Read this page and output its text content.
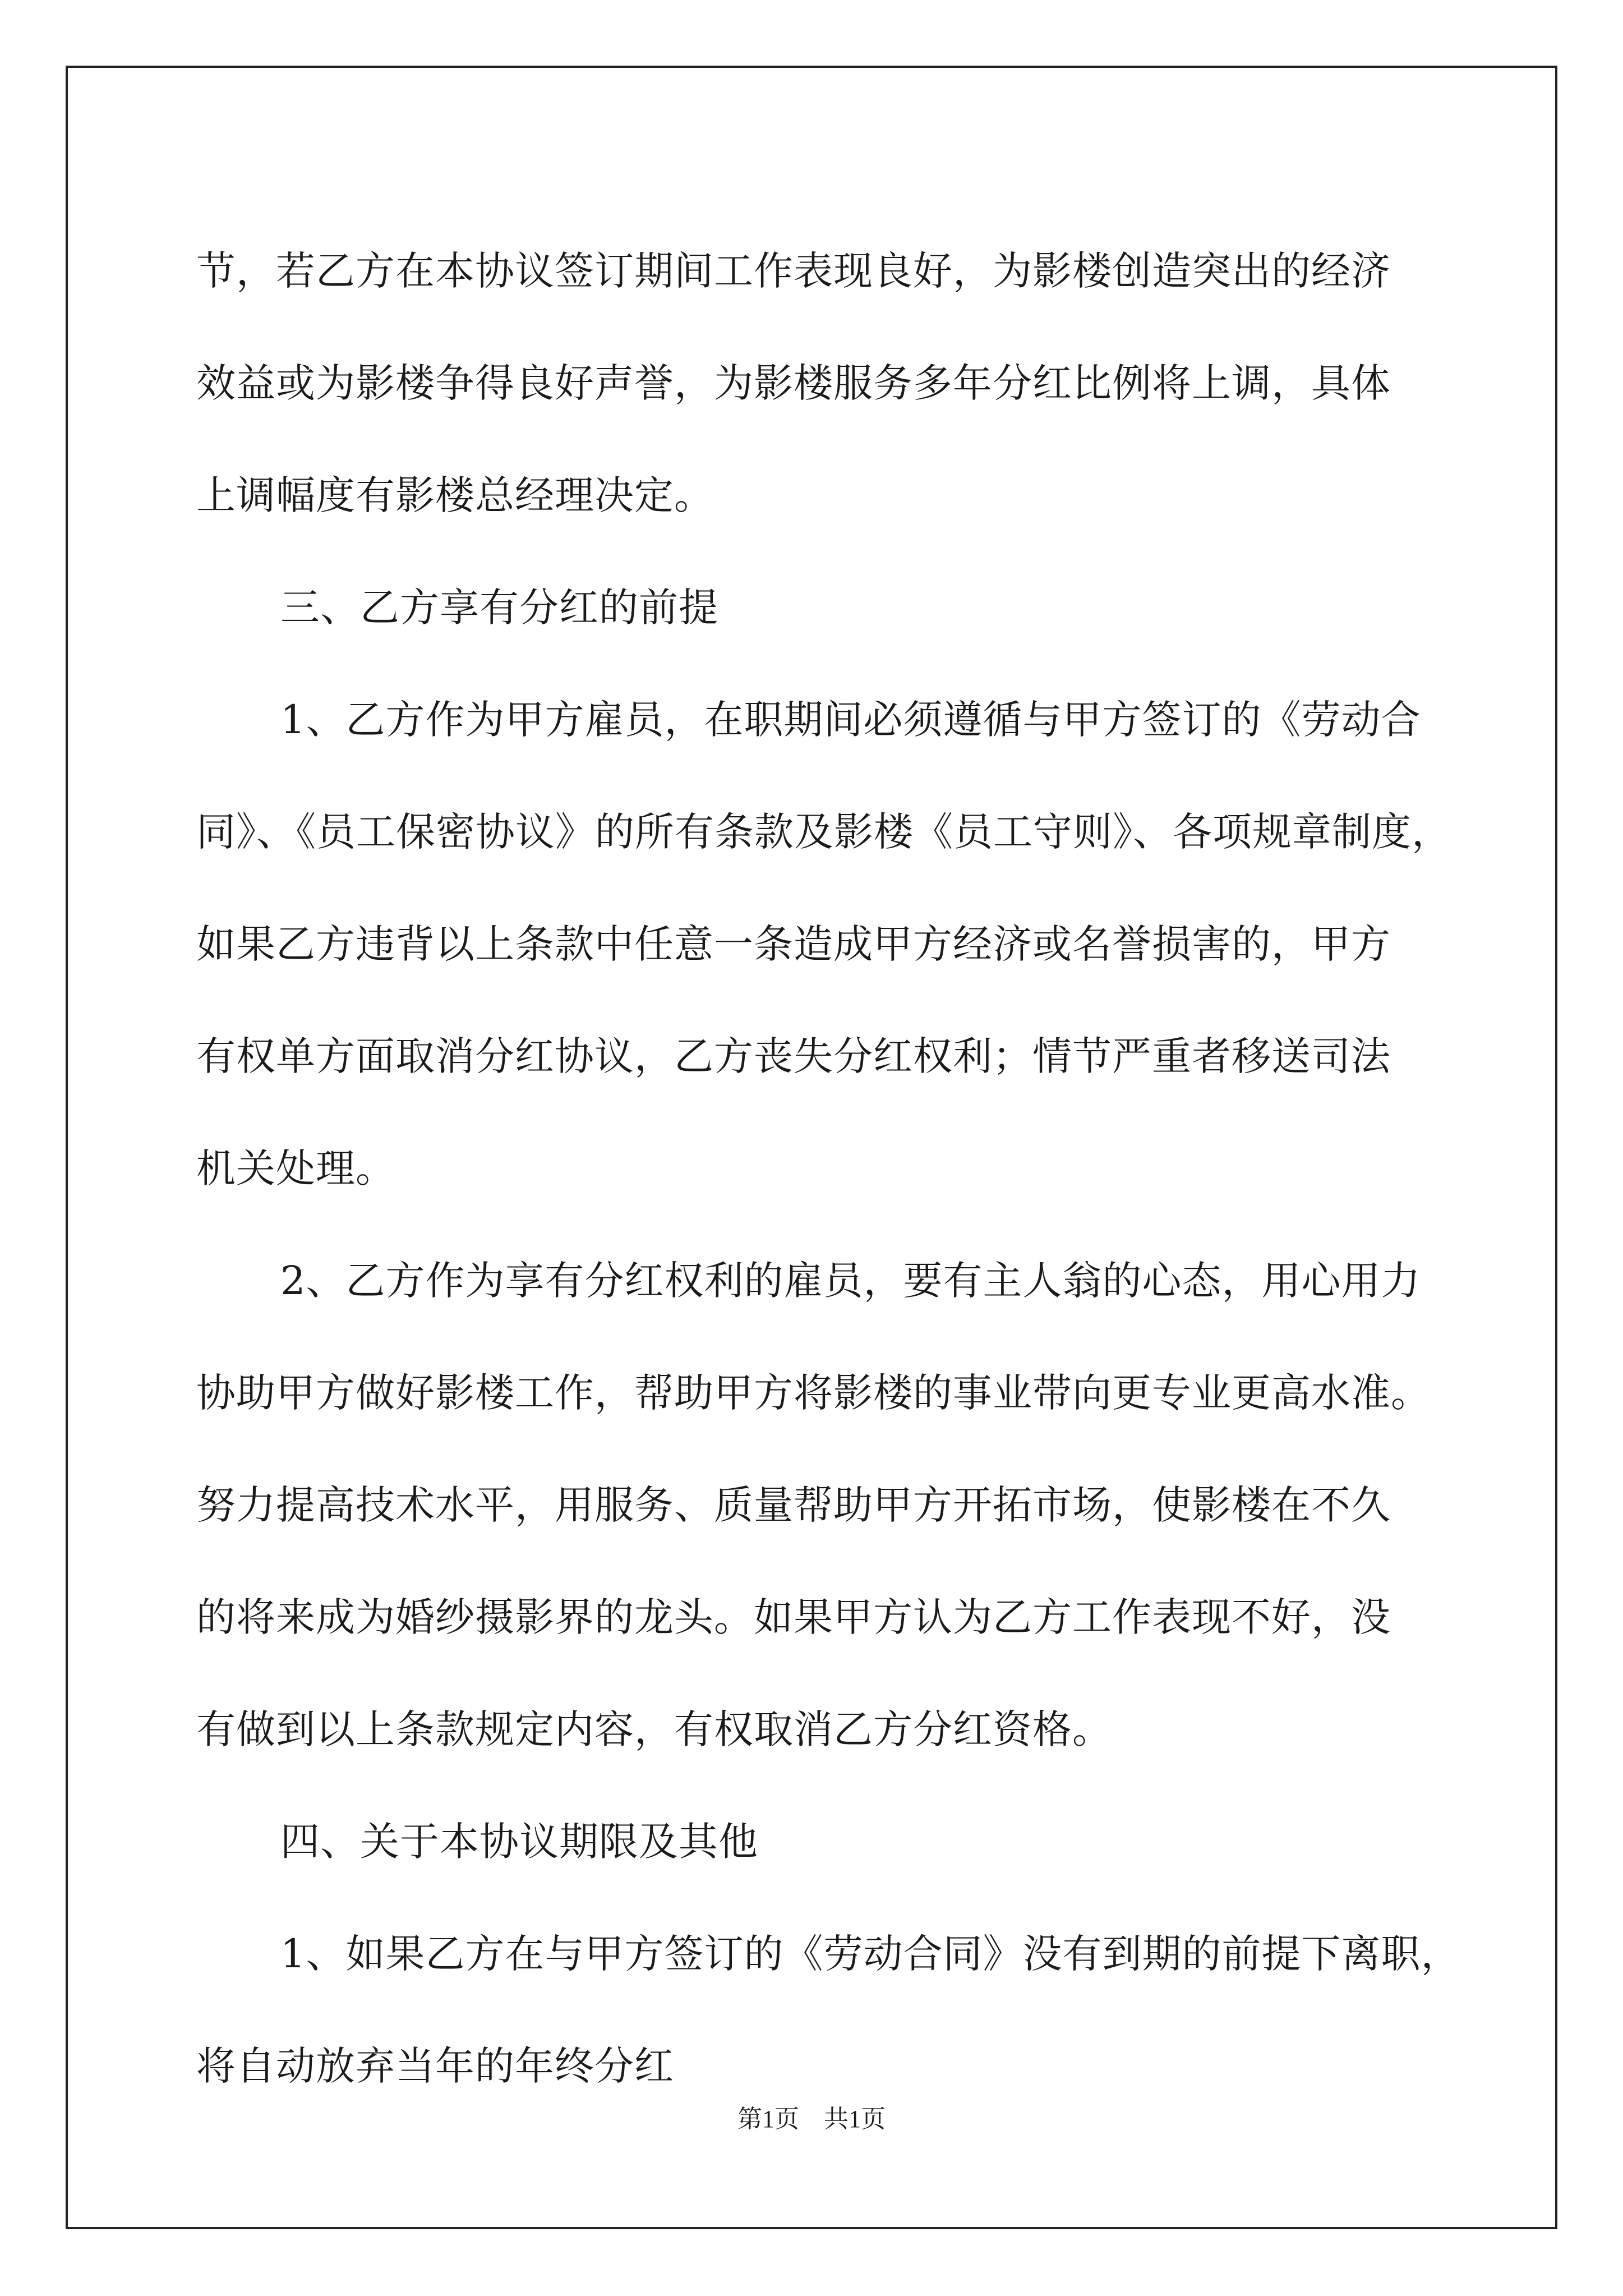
节，若乙方在本协议签订期间工作表现良好，为影楼创造突出的经济
效益或为影楼争得良好声誉，为影楼服务多年分红比例将上调，具体
上调幅度有影楼总经理决定。
三、乙方享有分红的前提
1、乙方作为甲方雇员，在职期间必须遵循与甲方签订的《劳动合
同》、《员工保密协议》的所有条款及影楼《员工守则》、各项规章制度，
如果乙方违背以上条款中任意一条造成甲方经济或名誉损害的，甲方
有权单方面取消分红协议，乙方丧失分红权利；情节严重者移送司法
机关处理。
2、乙方作为享有分红权利的雇员，要有主人翁的心态，用心用力
协助甲方做好影楼工作，帮助甲方将影楼的事业带向更专业更高水准。
努力提高技术水平，用服务、质量帮助甲方开拓市场，使影楼在不久
的将来成为婚纱摄影界的龙头。如果甲方认为乙方工作表现不好，没
有做到以上条款规定内容，有权取消乙方分红资格。
四、关于本协议期限及其他
1、如果乙方在与甲方签订的《劳动合同》没有到期的前提下离职，
将自动放弃当年的年终分红
第1页　共1页
